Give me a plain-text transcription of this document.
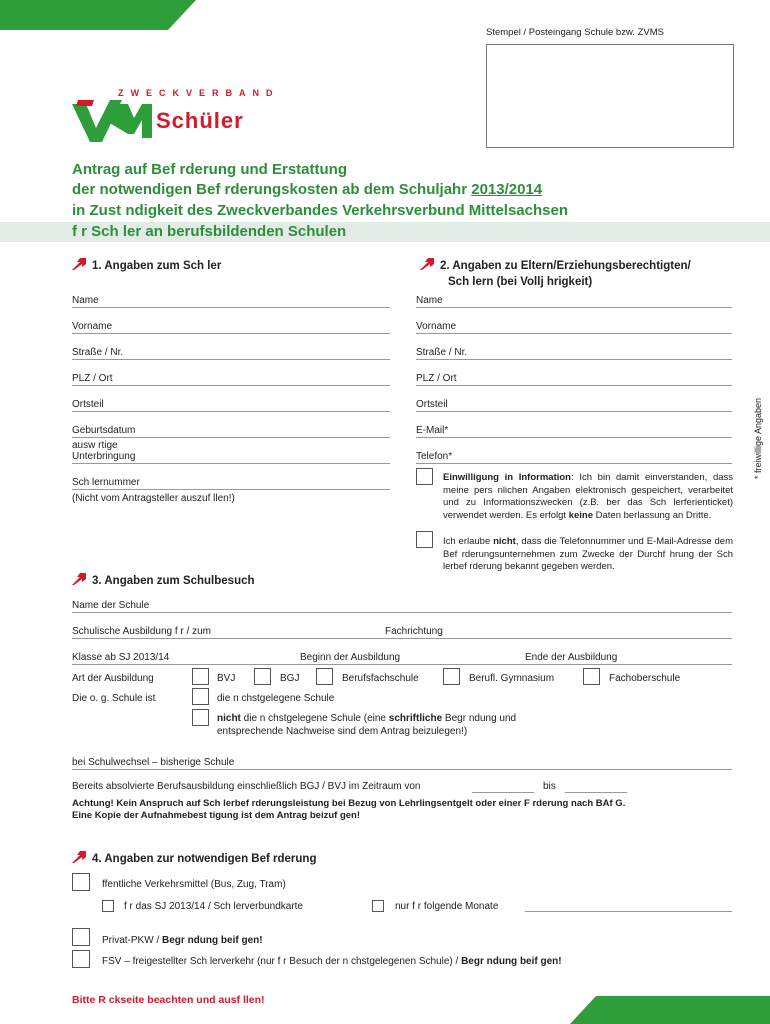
Stempel / Posteingang Schule bzw. ZVMS
ZWECKVERBAND
Schüler
Antrag auf Bef rderung und Erstattung
der notwendigen Bef rderungskosten ab dem Schuljahr 2013/2014
in Zust ndigkeit des Zweckverbandes Verkehrsverbund Mittelsachsen
f r Sch ler an berufsbildenden Schulen
1. Angaben zum Sch ler
Name
Vorname
Straße / Nr.
PLZ / Ort
Ortsteil
Geburtsdatum
ausw rtige
Unterbringung
Sch lernummer
(Nicht vom Antragsteller auszuf llen!)
2. Angaben zu Eltern/Erziehungsberechtigten/
Sch lern (bei Vollj hrigkeit)
Name
Vorname
Straße / Nr.
PLZ / Ort
Ortsteil
E-Mail*
Telefon*	* freiwillige Angaben
Einwilligung in Information: Ich bin damit einverstanden, dass meine pers nlichen Angaben elektronisch gespeichert, verarbeitet und zu Informationszwecken (z.B. ber das Sch lerferienticket) verwendet werden. Es erfolgt keine Daten berlassung an Dritte.
Ich erlaube nicht, dass die Telefonnummer und E-Mail-Adresse dem Bef rderungsunternehmen zum Zwecke der Durchf hrung der Sch lerbef rderung bekannt gegeben werden.
3. Angaben zum Schulbesuch
Name der Schule
Schulische Ausbildung f r / zum	Fachrichtung
Klasse ab SJ 2013/14	Beginn der Ausbildung	Ende der Ausbildung
Art der Ausbildung	BVJ	BGJ	Berufsfachschule	Berufl. Gymnasium	Fachoberschule
Die o. g. Schule ist	die n chstgelegene Schule
nicht die n chstgelegene Schule (eine schriftliche Begr ndung und entsprechende Nachweise sind dem Antrag beizulegen!)
bei Schulwechsel – bisherige Schule
Bereits absolvierte Berufsausbildung einschließlich BGJ / BVJ im Zeitraum von	bis
Achtung! Kein Anspruch auf Sch lerbef rderungsleistung bei Bezug von Lehrlingsentgelt oder einer F rderung nach BAf G.
Eine Kopie der Aufnahmebest tigung ist dem Antrag beizuf gen!
4. Angaben zur notwendigen Bef rderung
ffentliche Verkehrsmittel (Bus, Zug, Tram)
f r das SJ 2013/14 / Sch lerverbundkarte	nur f r folgende Monate
Privat-PKW / Begr ndung beif gen!
FSV – freigestellter Sch lerverkehr (nur f r Besuch der n chstgelegenen Schule) / Begr ndung beif gen!
Bitte R ckseite beachten und ausf llen!
